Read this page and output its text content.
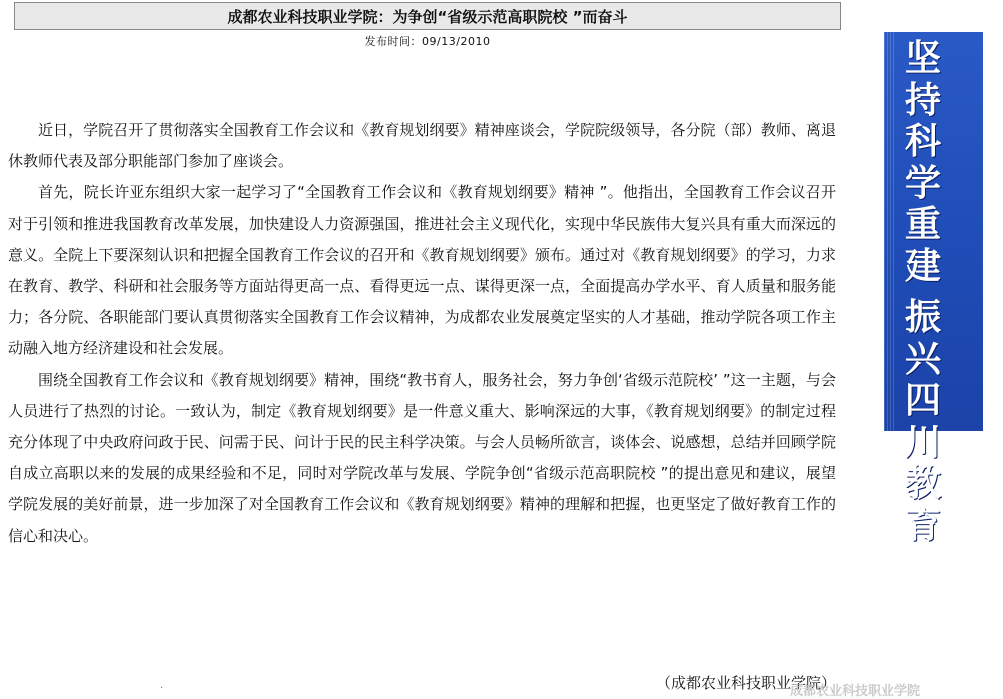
成都农业科技职业学院：为争创“省级示范高职院校 ”而奋斗
发布时间：09/13/2010

近日，学院召开了贯彻落实全国教育工作会议和《教育规划纲要》精神座谈会，学院院级领导，各分院（部）教师、离退休教师代表及部分职能部门参加了座谈会。

首先，院长许亚东组织大家一起学习了“全国教育工作会议和《教育规划纲要》精神 ”。他指出，全国教育工作会议召开对于引领和推进我国教育改革发展，加快建设人力资源强国，推进社会主义现代化，实现中华民族伟大复兴具有重大而深远的意义。全院上下要深刻认识和把握全国教育工作会议的召开和《教育规划纲要》颁布。通过对《教育规划纲要》的学习，力求在教育、教学、科研和社会服务等方面站得更高一点、看得更远一点、谋得更深一点，全面提高办学水平、育人质量和服务能力；各分院、各职能部门要认真贯彻落实全国教育工作会议精神，为成都农业发展奠定坚实的人才基础，推动学院各项工作主动融入地方经济建设和社会发展。

围绕全国教育工作会议和《教育规划纲要》精神，围绕“教书育人，服务社会，努力争创‘省级示范院校’ ”这一主题，与会人员进行了热烈的讨论。一致认为，制定《教育规划纲要》是一件意义重大、影响深远的大事，《教育规划纲要》的制定过程充分体现了中央政府问政于民、问需于民、问计于民的民主科学决策。与会人员畅所欲言，谈体会、说感想，总结并回顾学院自成立高职以来的发展的成果经验和不足，同时对学院改革与发展、学院争创“省级示范高职院校 ”的提出意见和建议，展望学院发展的美好前景，进一步加深了对全国教育工作会议和《教育规划纲要》精神的理解和把握，也更坚定了做好教育工作的信心和决心。

（成都农业科技职业学院）
.	成都农业科技职业学院
坚
持
科
学
重
建
振
兴
四
川
教
育
